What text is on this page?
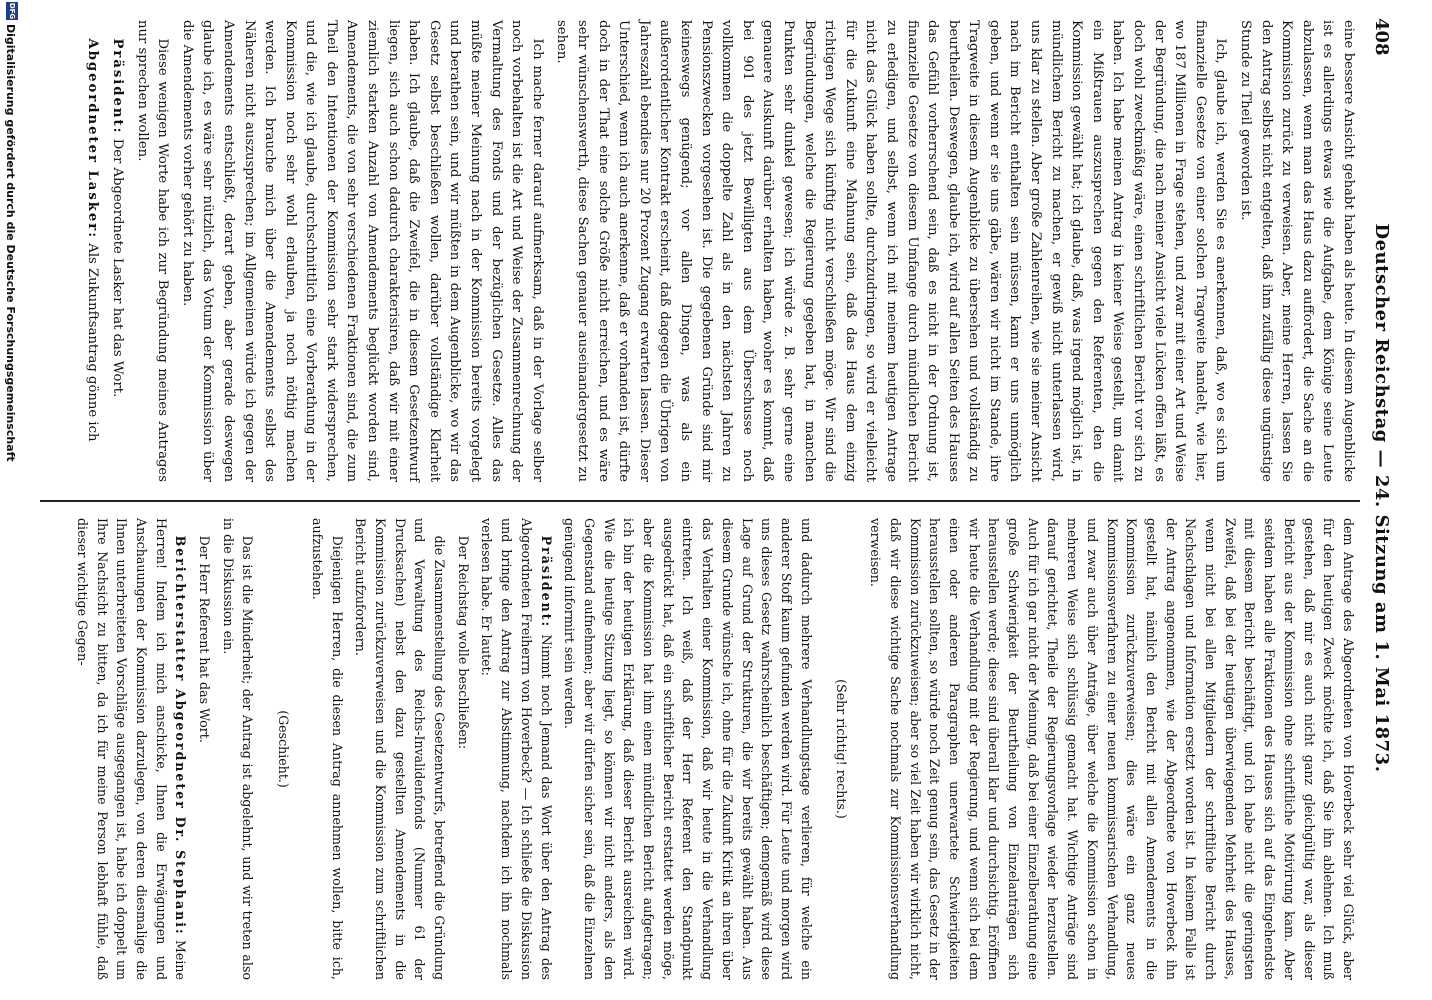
408
Deutscher Reichstag — 24. Sitzung am 1. Mai 1873.

eine bessere Ansicht gehabt haben als heute. In diesem Augenblicke ist es allerdings etwas wie die Aufgabe, dem Könige seine Leute abzulassen, wenn man das Haus dazu auffordert, die Sache an die Kommission zurück zu verweisen. Aber, meine Herren, lassen Sie den Antrag selbst nicht entgelten, daß ihm zufällig diese ungünstige Stunde zu Theil geworden ist.

Ich, glaube ich, werden Sie es anerkennen, daß, wo es sich um finanzielle Gesetze von einer solchen Tragweite handelt, wie hier, wo 187 Millionen in Frage stehen, und zwar mit einer Art und Weise der Begründung, die nach meiner Ansicht viele Lücken offen läßt, es doch wohl zweckmäßig wäre, einen schriftlichen Bericht vor sich zu haben. Ich habe meinen Antrag in keiner Weise gestellt, um damit ein Mißtrauen auszusprechen gegen den Referenten, den die Kommission gewählt hat; ich glaube, daß, was irgend möglich ist, in mündlichem Bericht zu machen, er gewiß nicht unterlassen wird, uns klar zu stellen. Aber große Zahlenreihen, wie sie meiner Ansicht nach im Bericht enthalten sein müssen, kann er uns unmöglich geben, und wenn er sie uns gäbe, wären wir nicht im Stande, ihre Tragweite in diesem Augenblicke zu übersehen und vollständig zu beurtheilen. Deswegen, glaube ich, wird auf allen Seiten des Hauses das Gefühl vorherrschend sein, daß es nicht in der Ordnung ist, finanzielle Gesetze von diesem Umfange durch mündlichen Bericht zu erledigen, und selbst, wenn ich mit meinem heutigen Antrage nicht das Glück haben sollte, durchzudringen, so wird er vielleicht für die Zukunft eine Mahnung sein, daß das Haus dem einzig richtigen Wege sich künftig nicht verschließen möge. Wir sind die Begründungen, welche die Regierung gegeben hat, in manchen Punkten sehr dunkel gewesen; ich würde z. B. sehr gerne eine genauere Auskunft darüber erhalten haben, woher es kommt, daß bei 901 des jetzt Bewilligten aus dem Überschusse noch vollkommen die doppelte Zahl als in den nächsten Jahren zu Pensionszwecken vorgesehen ist. Die gegebenen Gründe sind mir keineswegs genügend; vor allen Dingen, was als ein außerordentlicher Kontrakt erscheint, daß dagegen die Übrigen von Jahreszahl ebendies nur 20 Prozent Zugang erwarten lassen. Dieser Unterschied, wenn ich auch anerkenne, daß er vorhanden ist, dürfte doch in der That eine solche Größe nicht erreichen, und es wäre sehr wünschenswerth, diese Sachen genauer auseinandergesetzt zu sehen.

Ich mache ferner darauf aufmerksam, daß in der Vorlage selber noch vorbehalten ist die Art und Weise der Zusammenrechnung der Vermaltung des Fonds und der bezüglichen Gesetze. Alles das müßte meiner Meinung nach in der Kommission bereits vorgelegt und berathen sein, und wir müßten in dem Augenblicke, wo wir das Gesetz selbst beschließen wollen, darüber vollständige Klarheit haben. Ich glaube, daß die Zweifel, die in diesem Gesetzentwurf liegen, sich auch schon dadurch charakterisiren, daß wir mit einer ziemlich starken Anzahl von Amendements beglückt worden sind, Amendements, die von sehr verschiedenen Fraktionen sind, die zum Theil den Intentionen der Kommission sehr stark widersprechen, und die, wie ich glaube, durchschnittlich eine Vorberathung in der Kommission noch sehr wohl erlauben, ja noch nöthig machen werden. Ich brauche mich über die Amendements selbst des Näheren nicht auszusprechen; im Allgemeinen würde ich gegen der Amendements entschließt, derart geben, aber gerade deswegen glaube ich, es wäre sehr nützlich, das Votum der Kommission über die Amendements vorher gehört zu haben.

Diese wenigen Worte habe ich zur Begründung meines Antrages nur sprechen wollen.

Präsident: Der Abgeordnete Lasker hat das Wort.

Abgeordneter Lasker: Als Zukunftsantrag gönne ich

dem Antrage des Abgeordneten von Hoverbeck sehr viel Glück, aber für den heutigen Zweck möchte ich, daß Sie ihn ablehnen. Ich muß gestehen, daß mir es auch nicht ganz gleichgültig war, als dieser Bericht aus der Kommission ohne schriftliche Motivirung kam. Aber seitdem haben alle Fraktionen des Hauses sich auf das Eingehendste mit diesem Bericht beschäftigt, und ich habe nicht die geringsten Zweifel, daß bei der heutigen überwiegenden Mehrheit des Hauses, wenn nicht bei allen Mitgliedern der schriftliche Bericht durch Nachschlagen und Information ersetzt worden ist. In keinem Falle ist der Antrag angenommen, wie der Abgeordnete von Hoverbeck ihn gestellt hat, nämlich den Bericht mit allen Amendements in die Kommission zurückzuverweisen; dies wäre ein ganz neues Kommissionsverfahren zu einer neuen kommissarischen Verhandlung, und zwar auch über Anträge, über welche die Kommission schon in mehreren Weise sich schlüssig gemacht hat. Wichtige Anträge sind darauf gerichtet, Theile der Regierungsvorlage wieder herzustellen. Auch für ich gar nicht der Meinung, daß bei einer Einzelberathung eine große Schwierigkeit der Beurtheilung von Einzelanträgen sich herausstellen werde; diese sind überall klar und durchsichtig. Eröffnen wir heute die Verhandlung mit der Regierung, und wenn sich bei dem einen oder anderen Paragraphen unerwartete Schwierigkeiten herausstellen sollten, so würde noch Zeit genug sein, das Gesetz in der Kommission zurückzuweisen; aber so viel Zeit haben wir wirklich nicht, daß wir diese wichtige Sache nochmals zur Kommissionsverhandlung verweisen.

(Sehr richtig! rechts.)

und dadurch mehrere Verhandlungstage verlieren, für welche ein anderer Stoff kaum gefunden werden wird. Für Leute und morgen wird uns dieses Gesetz wahrscheinlich beschäftigen; demgemäß wird diese Lage auf Grund der Strukturen, die wir bereits gewählt haben. Aus diesem Grunde wünsche ich, ohne für die Zukunft Kritik an ihren über das Verhalten einer Kommission, daß wir heute in die Verhandlung eintreten. Ich weiß, daß der Herr Referent den Standpunkt ausgedrückt hat, daß ein schriftlicher Bericht erstattet werden möge, aber die Kommission hat ihm einen mündlichen Bericht aufgetragen; ich bin der heutigen Erklärung, daß dieser Bericht ausreichen wird. Wie die heutige Sitzung liegt, so können wir nicht anders, als den Gegenstand aufnehmen; aber wir dürfen sicher sein, daß die Einzelnen genügend informirt sein werden.

Präsident: Nimmt noch Jemand das Wort über den Antrag des Abgeordneten Freiherrn von Hoverbeck? — Ich schließe die Diskussion und bringe den Antrag zur Abstimmung, nachdem ich ihn nochmals verlesen habe. Er lautet:

Der Reichstag wolle beschließen:

die Zusammenstellung des Gesetzentwurfs, betreffend die Gründung und Verwaltung des Reichs-Invalidenfonds (Nummer 61 der Drucksachen) nebst den dazu gestellten Amendements in die Kommission zurückzuverweisen und die Kommission zum schriftlichen Bericht aufzufordern.

Diejenigen Herren, die diesen Antrag annehmen wollen, bitte ich, aufzustehen.

(Geschieht.)

Das ist die Minderheit; der Antrag ist abgelehnt, und wir treten also in die Diskussion ein.

Der Herr Referent hat das Wort.

Berichterstatter Abgeordneter Dr. Stephani: Meine Herren! Indem ich mich anschicke, Ihnen die Erwägungen und Anschauungen der Kommission darzulegen, von deren diesmalige die Ihnen unterbreiteten Vorschläge ausgegangen ist, habe ich doppelt um Ihre Nachsicht zu bitten, da ich für meine Person lebhaft fühle, daß dieser wichtige Gegen-

DFG
Digitalisierung gefördert durch die Deutsche Forschungsgemeinschaft
